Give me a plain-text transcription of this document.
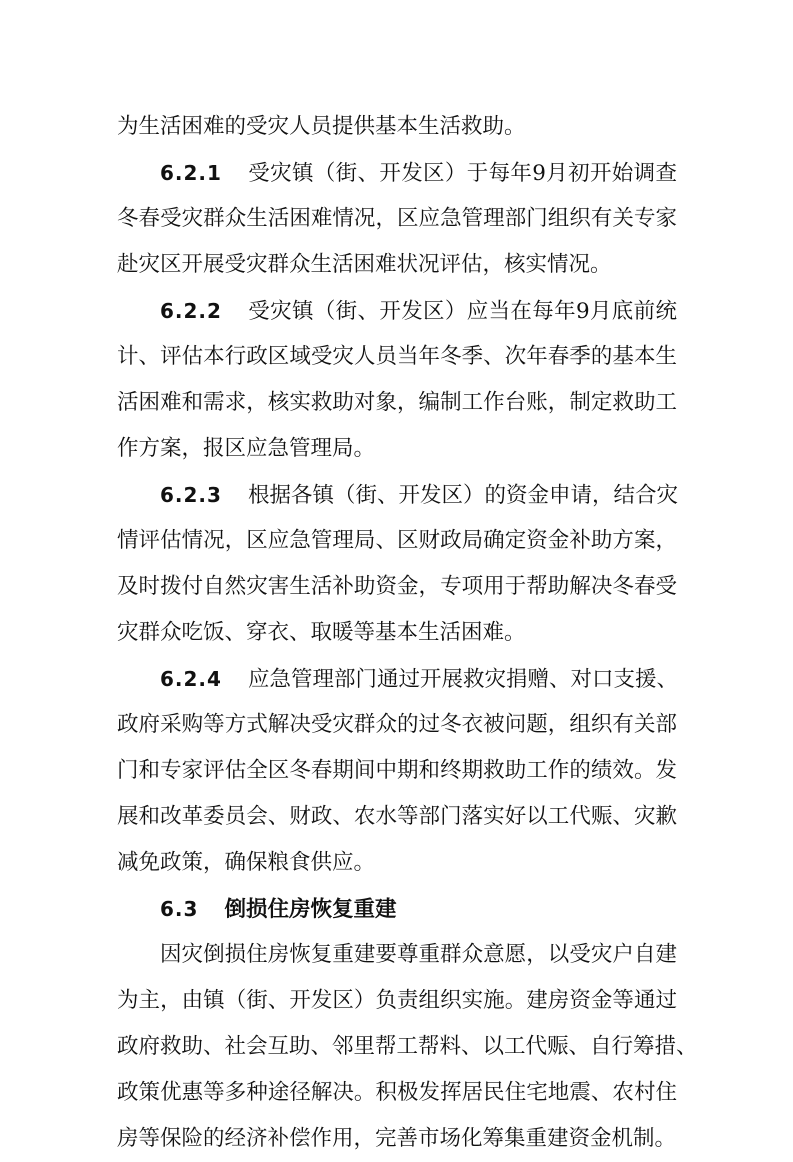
为生活困难的受灾人员提供基本生活救助。
6.2.1 受灾镇（街、开发区）于每年9月初开始调查
冬春受灾群众生活困难情况，区应急管理部门组织有关专家
赴灾区开展受灾群众生活困难状况评估，核实情况。
6.2.2 受灾镇（街、开发区）应当在每年9月底前统
计、评估本行政区域受灾人员当年冬季、次年春季的基本生
活困难和需求，核实救助对象，编制工作台账，制定救助工
作方案，报区应急管理局。
6.2.3 根据各镇（街、开发区）的资金申请，结合灾
情评估情况，区应急管理局、区财政局确定资金补助方案，
及时拨付自然灾害生活补助资金，专项用于帮助解决冬春受
灾群众吃饭、穿衣、取暖等基本生活困难。
6.2.4 应急管理部门通过开展救灾捐赠、对口支援、
政府采购等方式解决受灾群众的过冬衣被问题，组织有关部
门和专家评估全区冬春期间中期和终期救助工作的绩效。发
展和改革委员会、财政、农水等部门落实好以工代赈、灾歉
减免政策，确保粮食供应。
6.3 倒损住房恢复重建
因灾倒损住房恢复重建要尊重群众意愿，以受灾户自建
为主，由镇（街、开发区）负责组织实施。建房资金等通过
政府救助、社会互助、邻里帮工帮料、以工代赈、自行筹措、
政策优惠等多种途径解决。积极发挥居民住宅地震、农村住
房等保险的经济补偿作用，完善市场化筹集重建资金机制。
